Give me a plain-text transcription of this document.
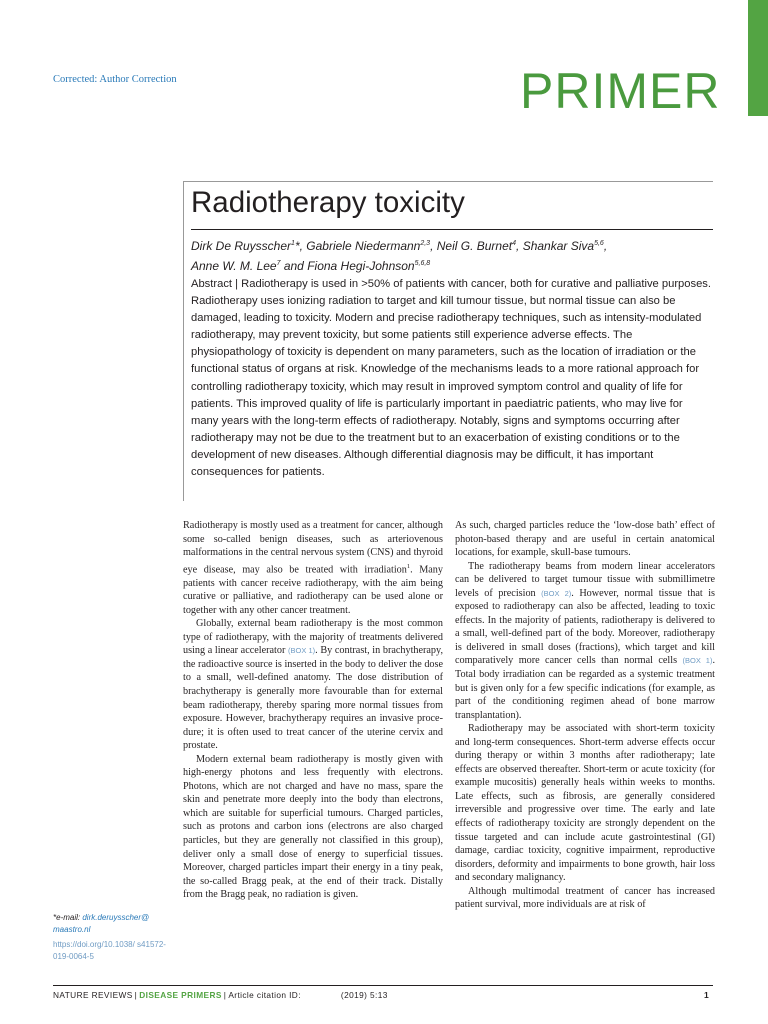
Corrected: Author Correction	PRIMER
Radiotherapy toxicity
Dirk De Ruysscher$^1$*, Gabriele Niedermann$^{2,3}$, Neil G. Burnet$^4$, Shankar Siva$^{5,6}$,
Anne W. M. Lee$^7$ and Fiona Hegi-Johnson$^{5,6,8}$

Abstract | Radiotherapy is used in >50% of patients with cancer, both for curative and palliative purposes. Radiotherapy uses ionizing radiation to target and kill tumour tissue, but normal tissue can also be damaged, leading to toxicity. Modern and precise radiotherapy techniques, such as intensity-modulated radiotherapy, may prevent toxicity, but some patients still experience adverse effects. The physiopathology of toxicity is dependent on many parameters, such as the location of irradiation or the functional status of organs at risk. Knowledge of the mechanisms leads to a more rational approach for controlling radiotherapy toxicity, which may result in improved symptom control and quality of life for patients. This improved quality of life is particularly important in paediatric patients, who may live for many years with the long-term effects of radiotherapy. Notably, signs and symptoms occurring after radiotherapy may not be due to the treatment but to an exacerbation of existing conditions or to the development of new diseases. Although differential diagnosis may be difficult, it has important consequences for patients.

Radiotherapy is mostly used as a treatment for cancer, although some so-called benign diseases, such as arteriovenous malformations in the central nervous system (CNS) and thyroid eye disease, may also be treated with irradiation$^1$. Many patients with cancer receive radiotherapy, with the aim being curative or palliative, and radiotherapy can be used alone or together with any other cancer treatment.

Globally, external beam radiotherapy is the most common type of radiotherapy, with the majority of treatments delivered using a linear accelerator (BOX 1). By contrast, in brachytherapy, the radioactive source is inserted in the body to deliver the dose to a small, well-defined anatomy. The dose distribution of brachytherapy is generally more favourable than for external beam radiotherapy, thereby sparing more normal tissues from exposure. However, brachytherapy requires an invasive procedure; it is often used to treat cancer of the uterine cervix and prostate.

Modern external beam radiotherapy is mostly given with high-energy photons and less frequently with electrons. Photons, which are not charged and have no mass, spare the skin and penetrate more deeply into the body than electrons, which are suitable for superficial tumours. Charged particles, such as protons and carbon ions (electrons are also charged particles, but they are generally not classified in this group), deliver only a small dose of energy to superficial tissues. Moreover, charged particles impart their energy in a tiny peak, the so-called Bragg peak, at the end of their track. Distally from the Bragg peak, no radiation is given.

As such, charged particles reduce the ‘low-dose bath’ effect of photon-based therapy and are useful in certain anatomical locations, for example, skull-base tumours.

The radiotherapy beams from modern linear accelerators can be delivered to target tumour tissue with submillimetre levels of precision (BOX 2). However, normal tissue that is exposed to radiotherapy can also be affected, leading to toxic effects. In the majority of patients, radiotherapy is delivered to a small, well-defined part of the body. Moreover, radiotherapy is delivered in small doses (fractions), which target and kill comparatively more cancer cells than normal cells (BOX 1). Total body irradiation can be regarded as a systemic treatment but is given only for a few specific indications (for example, as part of the conditioning regimen ahead of bone marrow transplantation).

Radiotherapy may be associated with short-term toxicity and long-term consequences. Short-term adverse effects occur during therapy or within 3 months after radiotherapy; late effects are observed thereafter. Short-term or acute toxicity (for example mucositis) generally heals within weeks to months. Late effects, such as fibrosis, are generally considered irreversible and progressive over time. The early and late effects of radiotherapy toxicity are strongly dependent on the tissue targeted and can include acute gastrointestinal (GI) damage, cardiac toxicity, cognitive impairment, reproductive disorders, deformity and impairments to bone growth, hair loss and secondary malignancy.

Although multimodal treatment of cancer has increased patient survival, more individuals are at risk of

*e-mail: dirk.deruysscher@ maastro.nl
https://doi.org/10.1038/ s41572-019-0064-5
NATURE REVIEWS | DISEASE PRIMERS | Article citation ID:	(2019) 5:13	1
